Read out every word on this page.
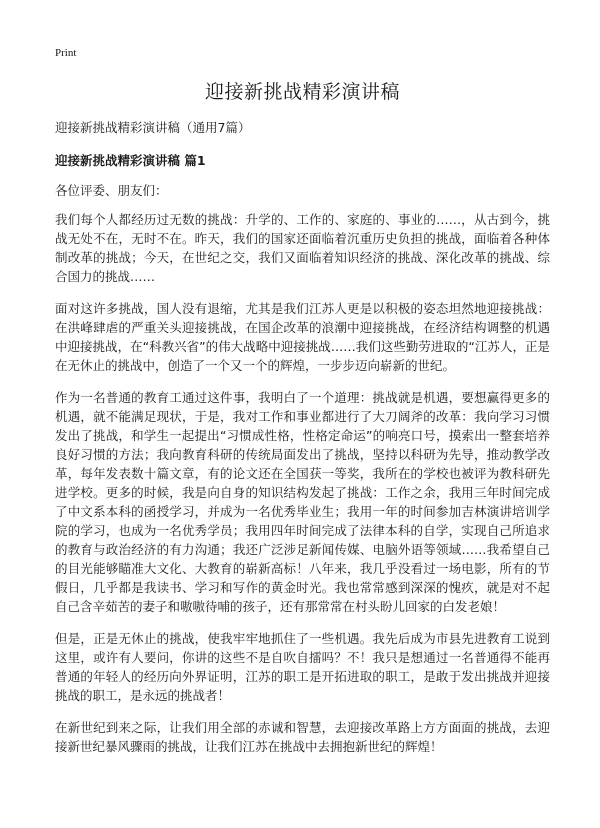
Print
迎接新挑战精彩演讲稿
迎接新挑战精彩演讲稿（通用7篇）
迎接新挑战精彩演讲稿 篇1
各位评委、朋友们：

我们每个人都经历过无数的挑战：升学的、工作的、家庭的、事业的……，从古到今，挑战无处不在，无时不在。昨天，我们的国家还面临着沉重历史负担的挑战，面临着各种体制改革的挑战；今天，在世纪之交，我们又面临着知识经济的挑战、深化改革的挑战、综合国力的挑战……

面对这许多挑战，国人没有退缩，尤其是我们江苏人更是以积极的姿态坦然地迎接挑战：在洪峰肆虐的严重关头迎接挑战，在国企改革的浪潮中迎接挑战，在经济结构调整的机遇中迎接挑战，在“科教兴省”的伟大战略中迎接挑战……我们这些勤劳进取的“江苏人，正是在无休止的挑战中，创造了一个又一个的辉煌，一步步迈向崭新的世纪。

作为一名普通的教育工通过这件事，我明白了一个道理：挑战就是机遇，要想赢得更多的机遇，就不能满足现状，于是，我对工作和事业都进行了大刀阔斧的改革：我向学习习惯发出了挑战，和学生一起提出“习惯成性格，性格定命运”的响亮口号，摸索出一整套培养良好习惯的方法；我向教育科研的传统局面发出了挑战，坚持以科研为先导，推动教学改革，每年发表数十篇文章，有的论文还在全国获一等奖，我所在的学校也被评为教科研先进学校。更多的时候，我是向自身的知识结构发起了挑战：工作之余，我用三年时间完成了中文系本科的函授学习，并成为一名优秀毕业生；我用一年的时间参加吉林演讲培训学院的学习，也成为一名优秀学员；我用四年时间完成了法律本科的自学，实现自己所追求的教育与政治经济的有力沟通；我还广泛涉足新闻传媒、电脑外语等领域……我希望自己的目光能够瞄准大文化、大教育的崭新高标！八年来，我几乎没看过一场电影，所有的节假日，几乎都是我读书、学习和写作的黄金时光。我也常常感到深深的愧疚，就是对不起自己含辛茹苦的妻子和嗷嗷待哺的孩子，还有那常常在村头盼儿回家的白发老娘！

但是，正是无休止的挑战，使我牢牢地抓住了一些机遇。我先后成为市县先进教育工说到这里，或许有人要问，你讲的这些不是自吹自擂吗？不！我只是想通过一名普通得不能再普通的年轻人的经历向外界证明，江苏的职工是开拓进取的职工，是敢于发出挑战并迎接挑战的职工，是永远的挑战者！

在新世纪到来之际，让我们用全部的赤诚和智慧，去迎接改革路上方方面面的挑战，去迎接新世纪暴风骤雨的挑战，让我们江苏在挑战中去拥抱新世纪的辉煌！
